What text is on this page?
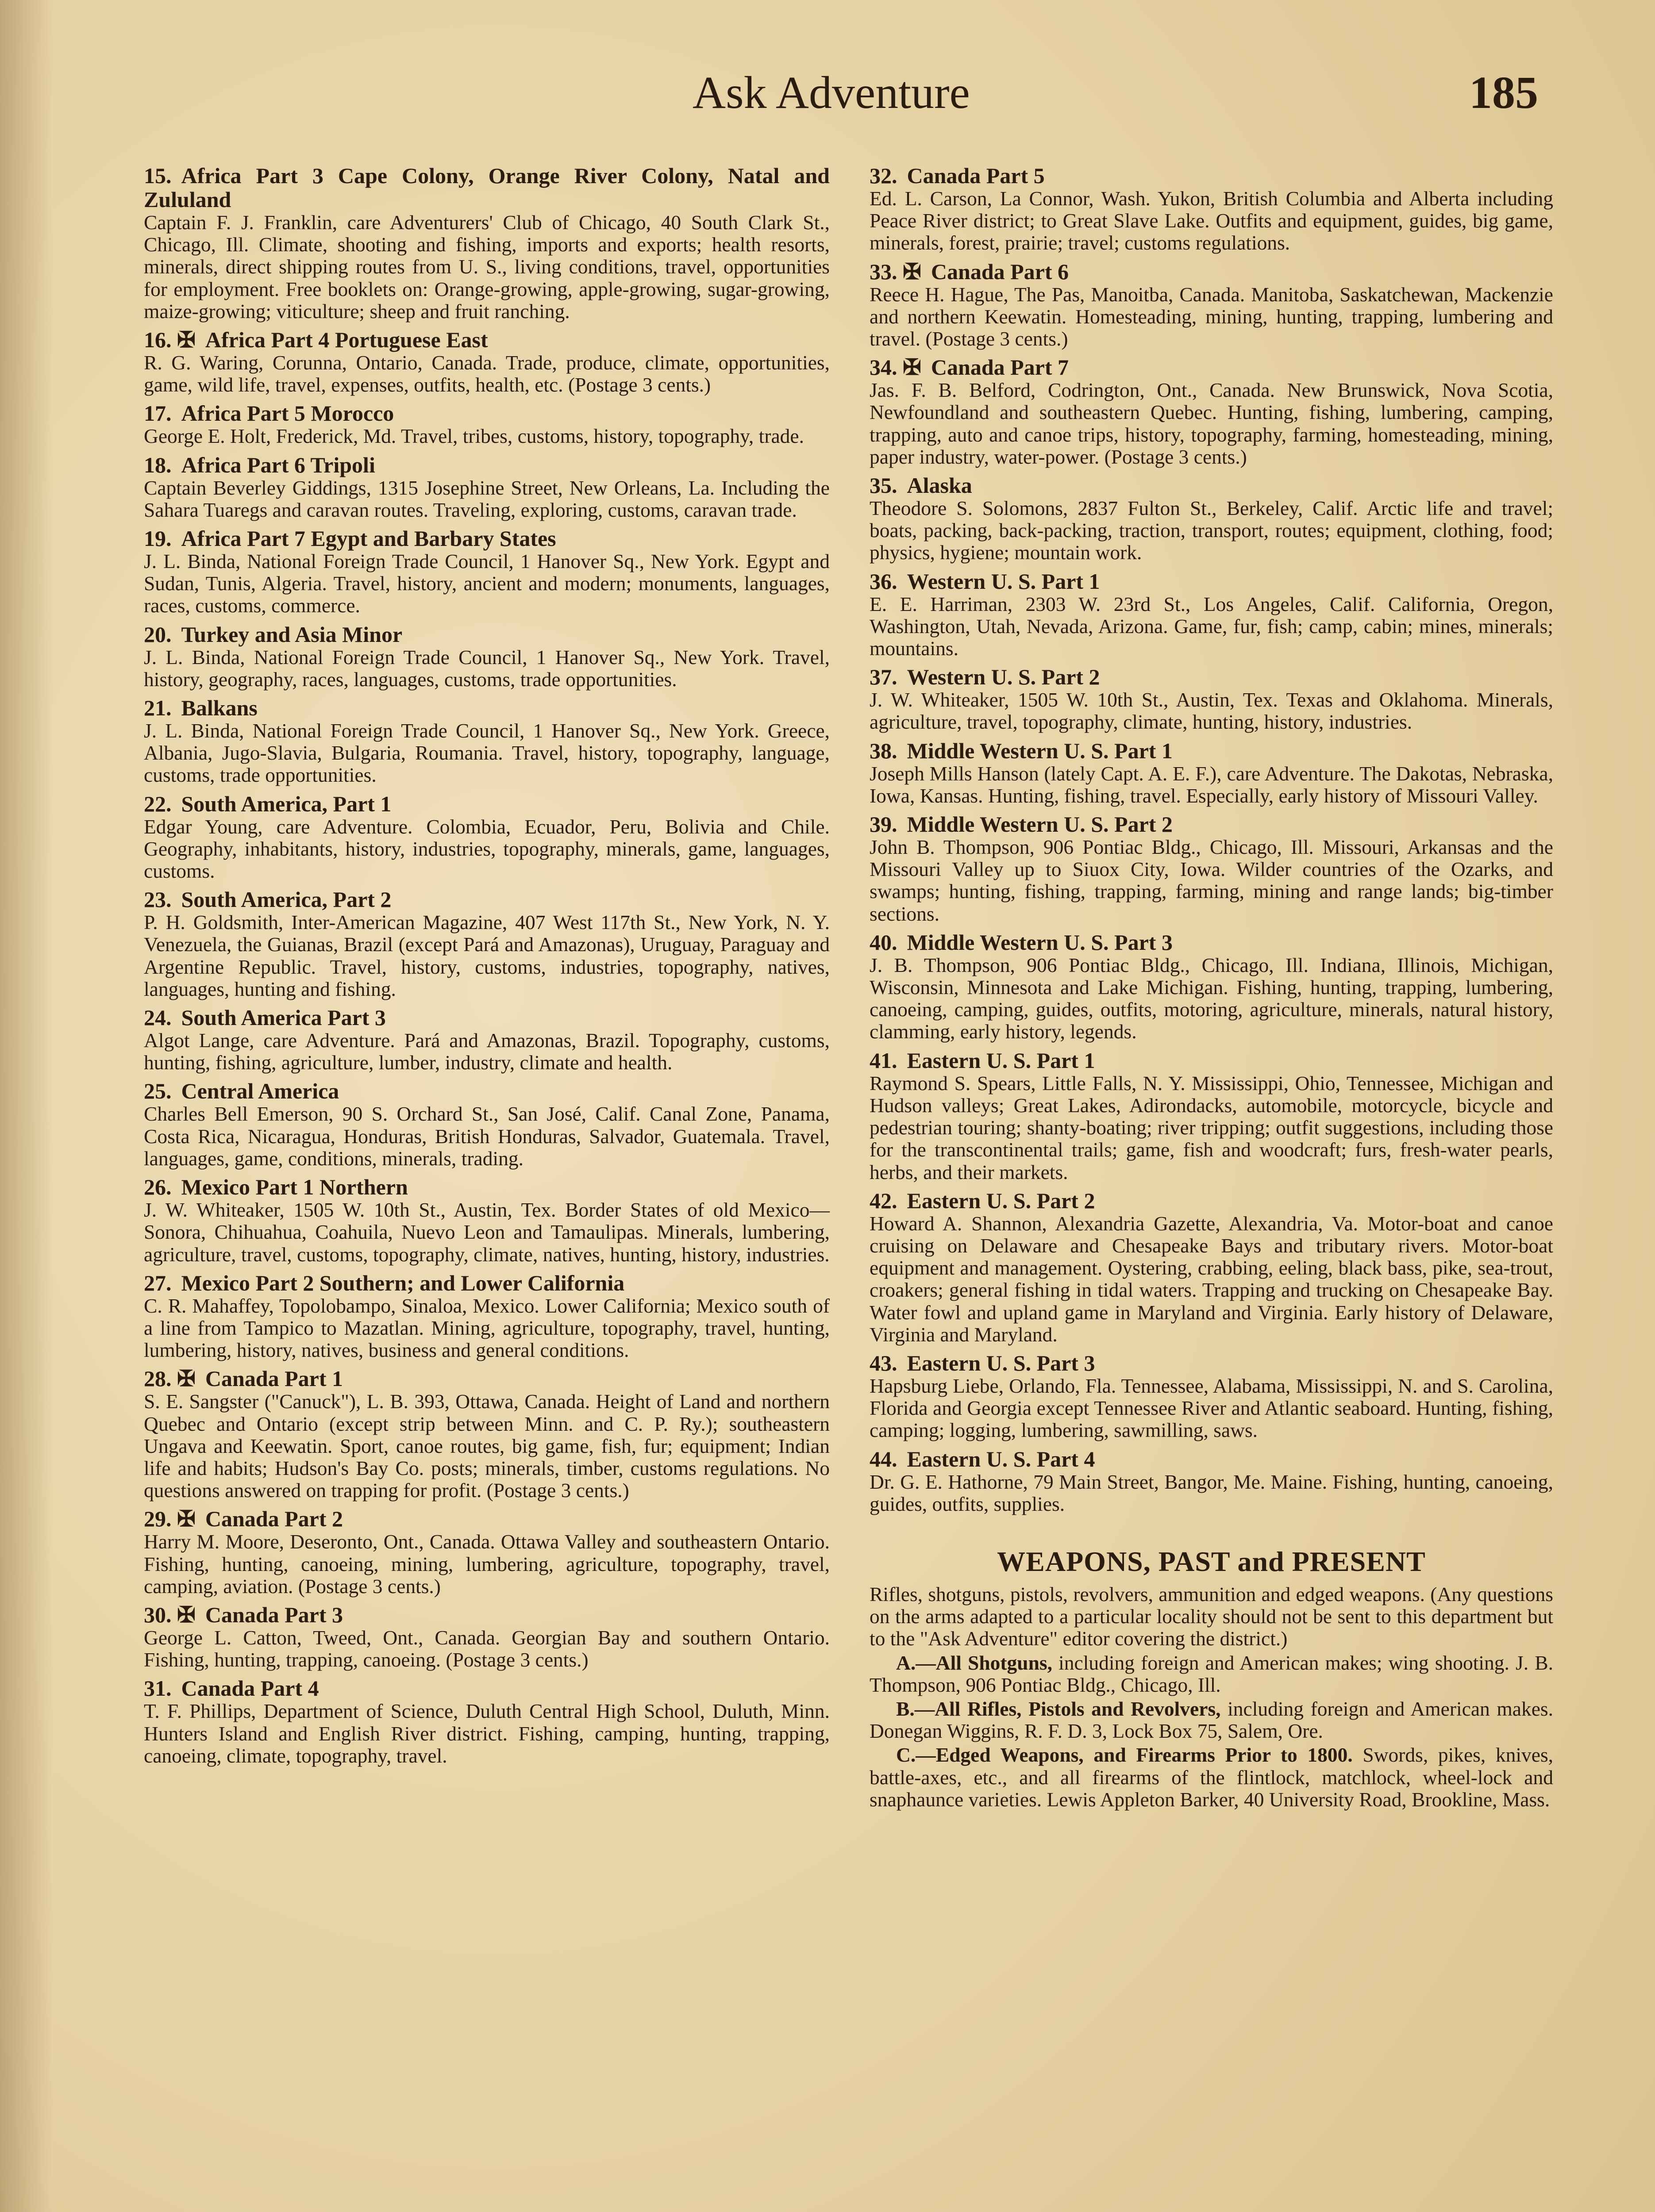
Ask Adventure	185
15. Africa Part 3 Cape Colony, Orange River Colony, Natal and Zululand
Captain F. J. Franklin, care Adventurers' Club of Chicago, 40 South Clark St., Chicago, Ill. Climate, shooting and fishing, imports and exports; health resorts, minerals, direct shipping routes from U. S., living conditions, travel, opportunities for employment. Free booklets on: Orange-growing, apple-growing, sugar-growing, maize-growing; viticulture; sheep and fruit ranching.
16. ✠ Africa Part 4 Portuguese East
R. G. Waring, Corunna, Ontario, Canada. Trade, produce, climate, opportunities, game, wild life, travel, expenses, outfits, health, etc. (Postage 3 cents.)
17. Africa Part 5 Morocco
George E. Holt, Frederick, Md. Travel, tribes, customs, history, topography, trade.
18. Africa Part 6 Tripoli
Captain Beverley Giddings, 1315 Josephine Street, New Orleans, La. Including the Sahara Tuaregs and caravan routes. Traveling, exploring, customs, caravan trade.
19. Africa Part 7 Egypt and Barbary States
J. L. Binda, National Foreign Trade Council, 1 Hanover Sq., New York. Egypt and Sudan, Tunis, Algeria. Travel, history, ancient and modern; monuments, languages, races, customs, commerce.
20. Turkey and Asia Minor
J. L. Binda, National Foreign Trade Council, 1 Hanover Sq., New York. Travel, history, geography, races, languages, customs, trade opportunities.
21. Balkans
J. L. Binda, National Foreign Trade Council, 1 Hanover Sq., New York. Greece, Albania, Jugo-Slavia, Bulgaria, Roumania. Travel, history, topography, language, customs, trade opportunities.
22. South America, Part 1
Edgar Young, care Adventure. Colombia, Ecuador, Peru, Bolivia and Chile. Geography, inhabitants, history, industries, topography, minerals, game, languages, customs.
23. South America, Part 2
P. H. Goldsmith, Inter-American Magazine, 407 West 117th St., New York, N. Y. Venezuela, the Guianas, Brazil (except Pará and Amazonas), Uruguay, Paraguay and Argentine Republic. Travel, history, customs, industries, topography, natives, languages, hunting and fishing.
24. South America Part 3
Algot Lange, care Adventure. Pará and Amazonas, Brazil. Topography, customs, hunting, fishing, agriculture, lumber, industry, climate and health.
25. Central America
Charles Bell Emerson, 90 S. Orchard St., San José, Calif. Canal Zone, Panama, Costa Rica, Nicaragua, Honduras, British Honduras, Salvador, Guatemala. Travel, languages, game, conditions, minerals, trading.
26. Mexico Part 1 Northern
J. W. Whiteaker, 1505 W. 10th St., Austin, Tex. Border States of old Mexico—Sonora, Chihuahua, Coahuila, Nuevo Leon and Tamaulipas. Minerals, lumbering, agriculture, travel, customs, topography, climate, natives, hunting, history, industries.
27. Mexico Part 2 Southern; and Lower California
C. R. Mahaffey, Topolobampo, Sinaloa, Mexico. Lower California; Mexico south of a line from Tampico to Mazatlan. Mining, agriculture, topography, travel, hunting, lumbering, history, natives, business and general conditions.
28. ✠ Canada Part 1
S. E. Sangster ("Canuck"), L. B. 393, Ottawa, Canada. Height of Land and northern Quebec and Ontario (except strip between Minn. and C. P. Ry.); southeastern Ungava and Keewatin. Sport, canoe routes, big game, fish, fur; equipment; Indian life and habits; Hudson's Bay Co. posts; minerals, timber, customs regulations. No questions answered on trapping for profit. (Postage 3 cents.)
29. ✠ Canada Part 2
Harry M. Moore, Deseronto, Ont., Canada. Ottawa Valley and southeastern Ontario. Fishing, hunting, canoeing, mining, lumbering, agriculture, topography, travel, camping, aviation. (Postage 3 cents.)
30. ✠ Canada Part 3
George L. Catton, Tweed, Ont., Canada. Georgian Bay and southern Ontario. Fishing, hunting, trapping, canoeing. (Postage 3 cents.)
31. Canada Part 4
T. F. Phillips, Department of Science, Duluth Central High School, Duluth, Minn. Hunters Island and English River district. Fishing, camping, hunting, trapping, canoeing, climate, topography, travel.
32. Canada Part 5
Ed. L. Carson, La Connor, Wash. Yukon, British Columbia and Alberta including Peace River district; to Great Slave Lake. Outfits and equipment, guides, big game, minerals, forest, prairie; travel; customs regulations.
33. ✠ Canada Part 6
Reece H. Hague, The Pas, Manoitba, Canada. Manitoba, Saskatchewan, Mackenzie and northern Keewatin. Homesteading, mining, hunting, trapping, lumbering and travel. (Postage 3 cents.)
34. ✠ Canada Part 7
Jas. F. B. Belford, Codrington, Ont., Canada. New Brunswick, Nova Scotia, Newfoundland and southeastern Quebec. Hunting, fishing, lumbering, camping, trapping, auto and canoe trips, history, topography, farming, homesteading, mining, paper industry, water-power. (Postage 3 cents.)
35. Alaska
Theodore S. Solomons, 2837 Fulton St., Berkeley, Calif. Arctic life and travel; boats, packing, back-packing, traction, transport, routes; equipment, clothing, food; physics, hygiene; mountain work.
36. Western U. S. Part 1
E. E. Harriman, 2303 W. 23rd St., Los Angeles, Calif. California, Oregon, Washington, Utah, Nevada, Arizona. Game, fur, fish; camp, cabin; mines, minerals; mountains.
37. Western U. S. Part 2
J. W. Whiteaker, 1505 W. 10th St., Austin, Tex. Texas and Oklahoma. Minerals, agriculture, travel, topography, climate, hunting, history, industries.
38. Middle Western U. S. Part 1
Joseph Mills Hanson (lately Capt. A. E. F.), care Adventure. The Dakotas, Nebraska, Iowa, Kansas. Hunting, fishing, travel. Especially, early history of Missouri Valley.
39. Middle Western U. S. Part 2
John B. Thompson, 906 Pontiac Bldg., Chicago, Ill. Missouri, Arkansas and the Missouri Valley up to Siuox City, Iowa. Wilder countries of the Ozarks, and swamps; hunting, fishing, trapping, farming, mining and range lands; big-timber sections.
40. Middle Western U. S. Part 3
J. B. Thompson, 906 Pontiac Bldg., Chicago, Ill. Indiana, Illinois, Michigan, Wisconsin, Minnesota and Lake Michigan. Fishing, hunting, trapping, lumbering, canoeing, camping, guides, outfits, motoring, agriculture, minerals, natural history, clamming, early history, legends.
41. Eastern U. S. Part 1
Raymond S. Spears, Little Falls, N. Y. Mississippi, Ohio, Tennessee, Michigan and Hudson valleys; Great Lakes, Adirondacks, automobile, motorcycle, bicycle and pedestrian touring; shanty-boating; river tripping; outfit suggestions, including those for the transcontinental trails; game, fish and woodcraft; furs, fresh-water pearls, herbs, and their markets.
42. Eastern U. S. Part 2
Howard A. Shannon, Alexandria Gazette, Alexandria, Va. Motor-boat and canoe cruising on Delaware and Chesapeake Bays and tributary rivers. Motor-boat equipment and management. Oystering, crabbing, eeling, black bass, pike, sea-trout, croakers; general fishing in tidal waters. Trapping and trucking on Chesapeake Bay. Water fowl and upland game in Maryland and Virginia. Early history of Delaware, Virginia and Maryland.
43. Eastern U. S. Part 3
Hapsburg Liebe, Orlando, Fla. Tennessee, Alabama, Mississippi, N. and S. Carolina, Florida and Georgia except Tennessee River and Atlantic seaboard. Hunting, fishing, camping; logging, lumbering, sawmilling, saws.
44. Eastern U. S. Part 4
Dr. G. E. Hathorne, 79 Main Street, Bangor, Me. Maine. Fishing, hunting, canoeing, guides, outfits, supplies.
WEAPONS, PAST and PRESENT

Rifles, shotguns, pistols, revolvers, ammunition and edged weapons. (Any questions on the arms adapted to a particular locality should not be sent to this department but to the "Ask Adventure" editor covering the district.)

A.—All Shotguns, including foreign and American makes; wing shooting. J. B. Thompson, 906 Pontiac Bldg., Chicago, Ill.

B.—All Rifles, Pistols and Revolvers, including foreign and American makes. Donegan Wiggins, R. F. D. 3, Lock Box 75, Salem, Ore.

C.—Edged Weapons, and Firearms Prior to 1800. Swords, pikes, knives, battle-axes, etc., and all firearms of the flintlock, matchlock, wheel-lock and snaphaunce varieties. Lewis Appleton Barker, 40 University Road, Brookline, Mass.
